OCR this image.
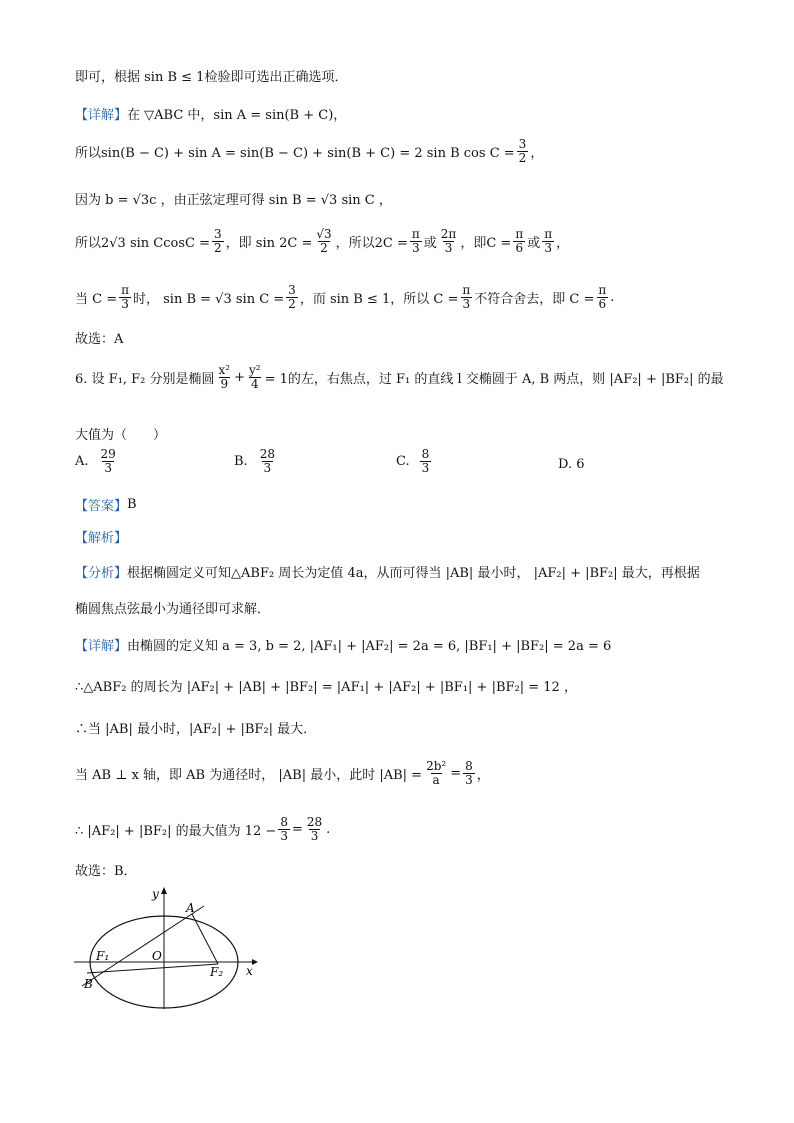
即可，根据 sin B ≤ 1检验即可选出正确选项．
【详解】 在 ▽ABC 中，sin A = sin(B + C)，
所以sin(B − C) + sin A = sin(B − C) + sin(B + C) = 2 sin B $\cos C = \frac{3}{2}$ ，
因为 b = √3c ，由正弦定理可得 sin B = √3 sin C ，
所以2√3 $\sin CcosC = \frac{3}{2}$ ，即 $\sin 2C = \frac{√3}{2}$ ，所以$2C = \frac{\pi}{3}$ 或 $\frac{2\pi}{3}$ ，即$C = \frac{\pi}{6}$ 或 $\frac{\pi}{3}$ ，
当 $C = \frac{\pi}{3}$ 时， sin B = √3 $\sin C = \frac{3}{2}$ ，而 sin B ≤ 1，所以 $C = \frac{\pi}{3}$ 不符合舍去，即 $C = \frac{\pi}{6}$ .
故选：A
6. 设 F₁, F₂ 分别是椭圆 $\frac{\text{x²}}{9} + \frac{\text{y²}}{4} = 1$的左，右焦点，过 F₁ 的直线 l 交椭圆于 A, B 两点，则 |AF₂| + |BF₂| 的最
大值为（　　）
A. $\frac{29}{3}$	B. $\frac{28}{3}$	C. $\frac{8}{3}$	D. 6
【答案】 B
【解析】
【分析】 根据椭圆定义可知△ABF₂ 周长为定值 4a，从而可得当 |AB| 最小时， |AF₂| + |BF₂| 最大，再根据
椭圆焦点弦最小为通径即可求解．
【详解】 由椭圆的定义知 a = 3, b = 2, |AF₁| + |AF₂| = 2a = 6, |BF₁| + |BF₂| = 2a = 6
∴△ABF₂ 的周长为 |AF₂| + |AB| + |BF₂| = |AF₁| + |AF₂| + |BF₁| + |BF₂| = 12 ，
∴当 |AB| 最小时，|AF₂| + |BF₂| 最大．
当 AB ⊥ x 轴，即 AB 为通径时， |AB| 最小，此时 $|AB| = \frac{\text{2b²}}{a} = \frac{8}{3}$ ，
∴ |AF₂| + |BF₂| 的最大值为 $12 - \frac{8}{3} = \frac{28}{3}$ .
故选：B．
y
x
A
B
O
F₁
F₂
